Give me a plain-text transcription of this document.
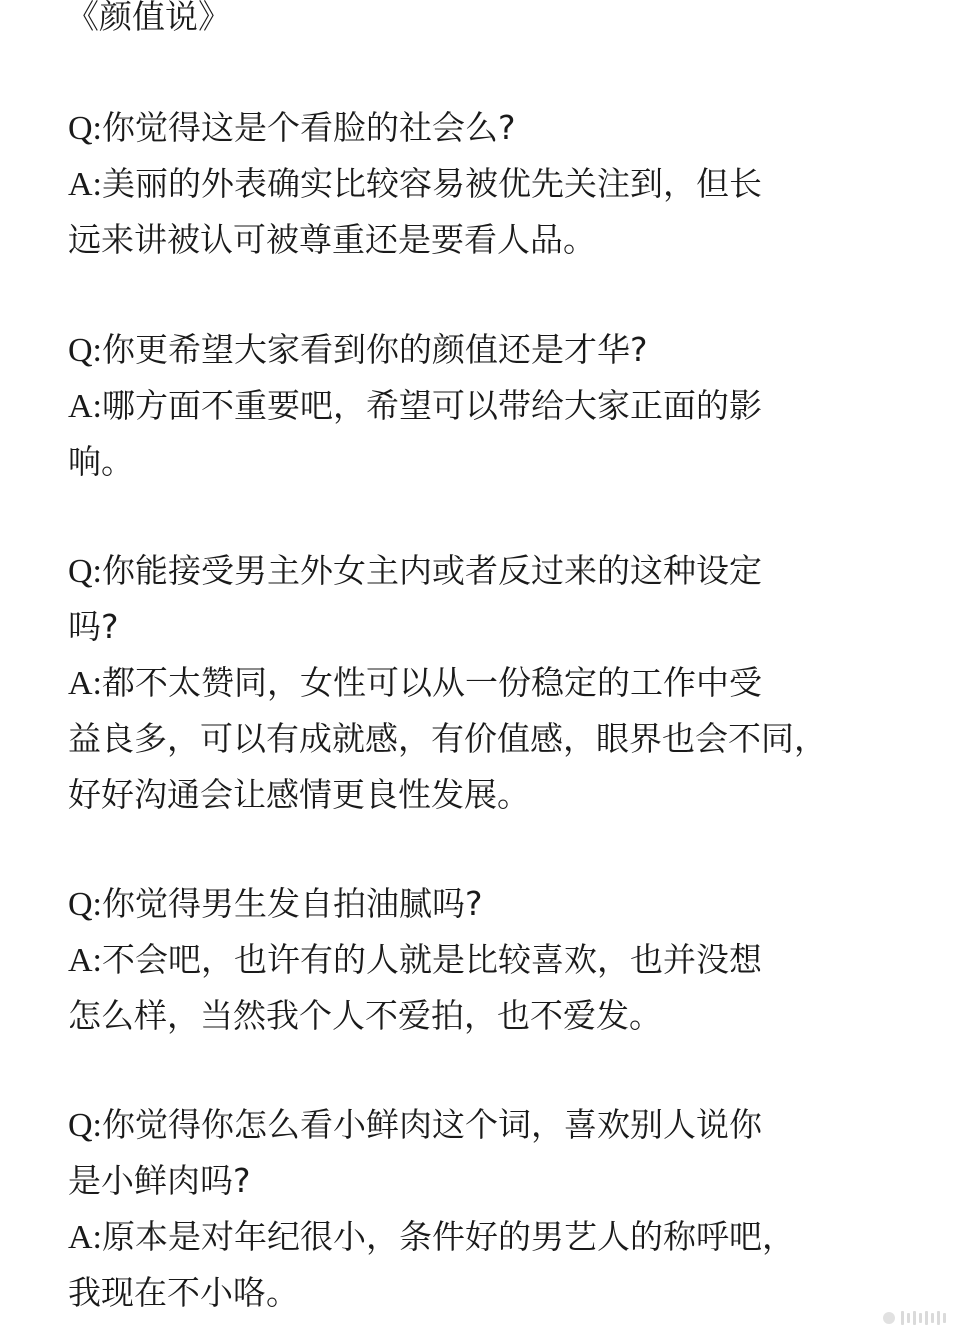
《颜值说》
Q:你觉得这是个看脸的社会么?
A:美丽的外表确实比较容易被优先关注到，但长
远来讲被认可被尊重还是要看人品。
Q:你更希望大家看到你的颜值还是才华?
A:哪方面不重要吧，希望可以带给大家正面的影
响。
Q:你能接受男主外女主内或者反过来的这种设定
吗?
A:都不太赞同，女性可以从一份稳定的工作中受
益良多，可以有成就感，有价值感，眼界也会不同，
好好沟通会让感情更良性发展。
Q:你觉得男生发自拍油腻吗?
A:不会吧，也许有的人就是比较喜欢，也并没想
怎么样，当然我个人不爱拍，也不爱发。
Q:你觉得你怎么看小鲜肉这个词，喜欢别人说你
是小鲜肉吗?
A:原本是对年纪很小，条件好的男艺人的称呼吧，
我现在不小咯。
